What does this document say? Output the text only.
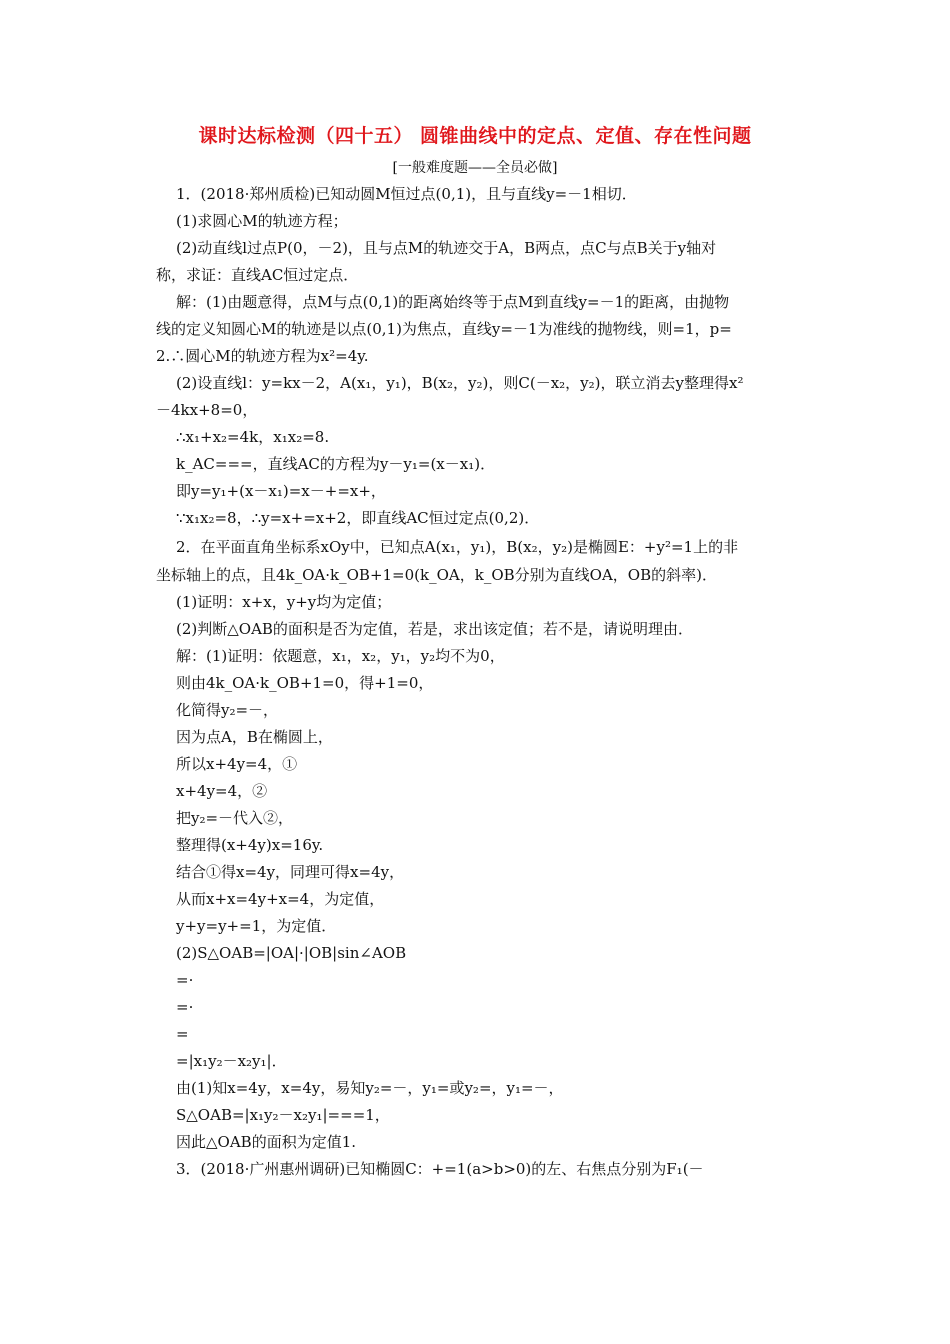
课时达标检测（四十五） 圆锥曲线中的定点、定值、存在性问题
[一般难度题——全员必做]
1．(2018·郑州质检)已知动圆M恒过点(0,1)，且与直线y=－1相切．
(1)求圆心M的轨迹方程；
(2)动直线l过点P(0，－2)，且与点M的轨迹交于A，B两点，点C与点B关于y轴对
称，求证：直线AC恒过定点．
解：(1)由题意得，点M与点(0,1)的距离始终等于点M到直线y=－1的距离，由抛物
线的定义知圆心M的轨迹是以点(0,1)为焦点，直线y=－1为准线的抛物线，则=1，p=
2.∴圆心M的轨迹方程为x²=4y.
(2)设直线l：y=kx－2，A(x₁，y₁)，B(x₂，y₂)，则C(－x₂，y₂)，联立消去y整理得x²
－4kx+8=0，
∴x₁+x₂=4k，x₁x₂=8.
k_AC===，直线AC的方程为y－y₁=(x－x₁)．
即y=y₁+(x－x₁)=x－+=x+，
∵x₁x₂=8，∴y=x+=x+2，即直线AC恒过定点(0,2)．
2．在平面直角坐标系xOy中，已知点A(x₁，y₁)，B(x₂，y₂)是椭圆E：+y²=1上的非
坐标轴上的点，且4k_OA·k_OB+1=0(k_OA，k_OB分别为直线OA，OB的斜率)．
(1)证明：x+x，y+y均为定值；
(2)判断△OAB的面积是否为定值，若是，求出该定值；若不是，请说明理由．
解：(1)证明：依题意，x₁，x₂，y₁，y₂均不为0，
则由4k_OA·k_OB+1=0，得+1=0，
化简得y₂=－，
因为点A，B在椭圆上，
所以x+4y=4，①
x+4y=4，②
把y₂=－代入②，
整理得(x+4y)x=16y.
结合①得x=4y，同理可得x=4y，
从而x+x=4y+x=4，为定值，
y+y=y+=1，为定值．
(2)S△OAB=|OA|·|OB|sin∠AOB
=·
=·
=
=|x₁y₂－x₂y₁|．
由(1)知x=4y，x=4y，易知y₂=－，y₁=或y₂=，y₁=－，
S△OAB=|x₁y₂－x₂y₁|===1，
因此△OAB的面积为定值1.
3．(2018·广州惠州调研)已知椭圆C：+=1(a>b>0)的左、右焦点分别为F₁(－
